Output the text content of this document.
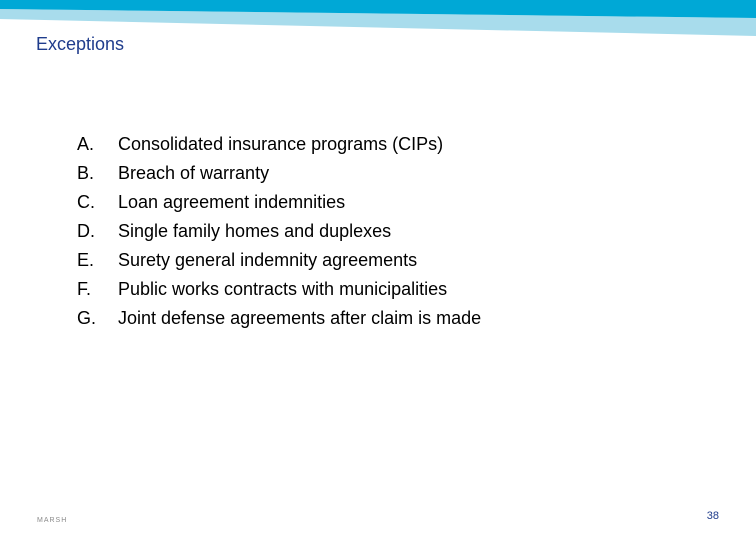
Exceptions
A.	Consolidated insurance programs (CIPs)
B.	Breach of warranty
C.	Loan agreement indemnities
D.	Single family homes and duplexes
E.	Surety general indemnity agreements
F.	Public works contracts with municipalities
G.	Joint defense agreements after claim is made
MARSH	38
